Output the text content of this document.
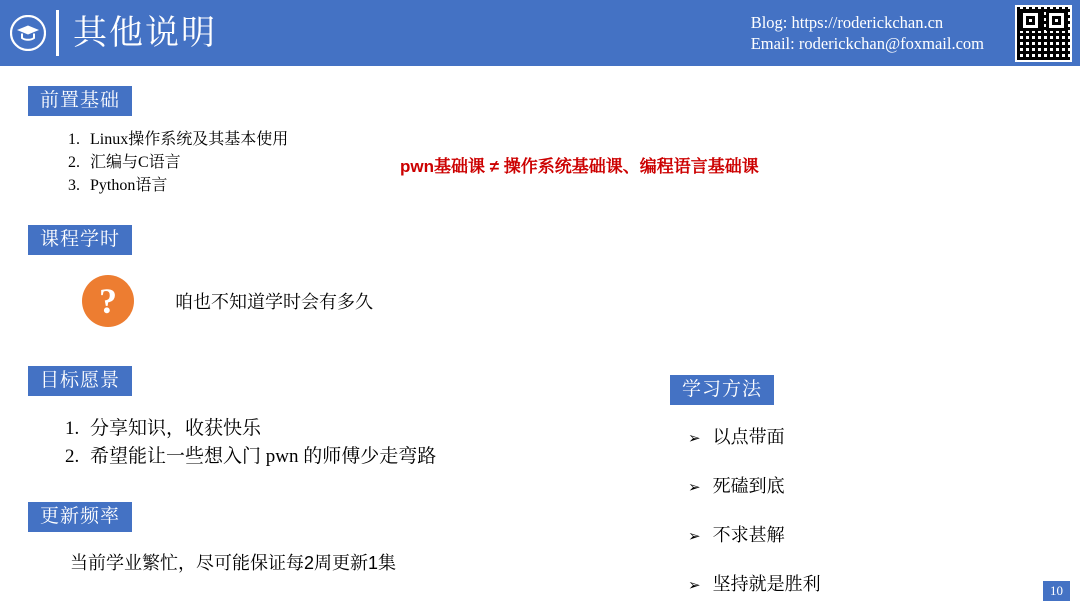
其他说明	Blog: https://roderickchan.cn
Email: roderickchan@foxmail.com
前置基础
1. Linux操作系统及其基本使用
2. 汇编与C语言
3. Python语言
pwn基础课 ≠ 操作系统基础课、编程语言基础课
课程学时
?	咱也不知道学时会有多久
目标愿景
1. 分享知识，收获快乐
2. 希望能让一些想入门 pwn 的师傅少走弯路
更新频率
当前学业繁忙，尽可能保证每2周更新1集
学习方法
➢ 以点带面
➢ 死磕到底
➢ 不求甚解
➢ 坚持就是胜利	10
